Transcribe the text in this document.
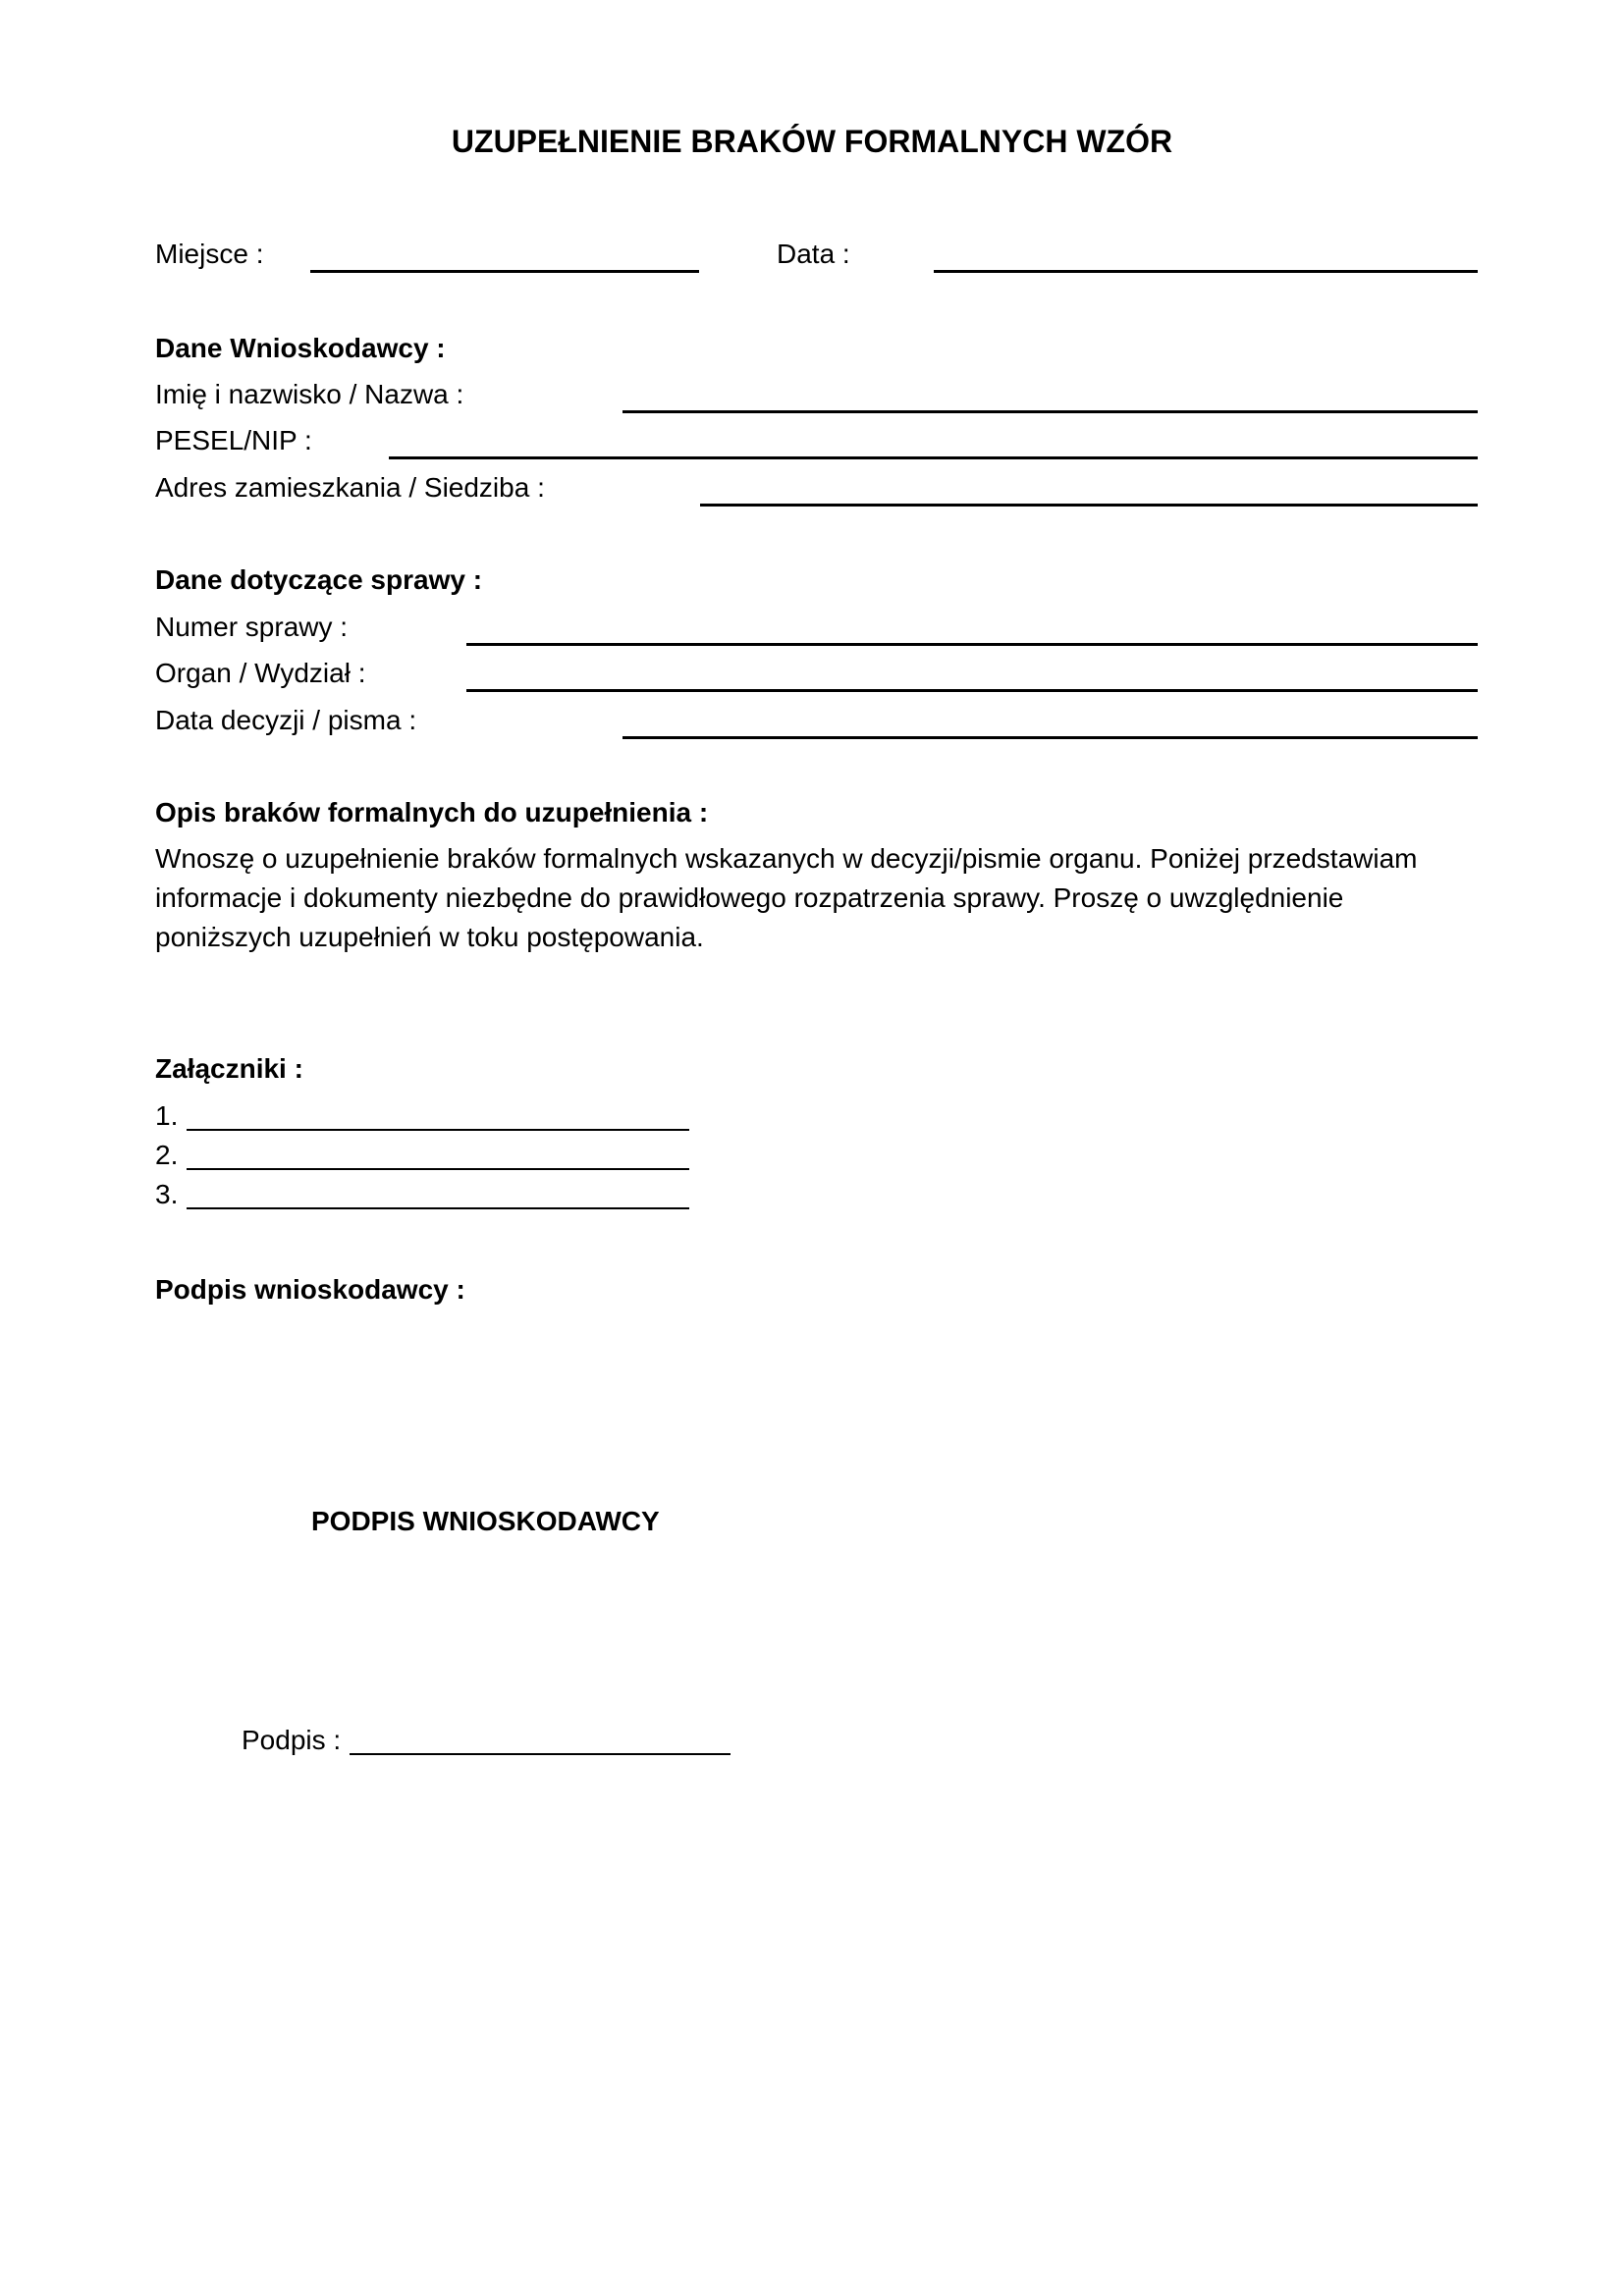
UZUPEŁNIENIE BRAKÓW FORMALNYCH WZÓR
Miejsce :	Data :
Dane Wnioskodawcy :
Imię i nazwisko / Nazwa :
PESEL/NIP :
Adres zamieszkania / Siedziba :
Dane dotyczące sprawy :
Numer sprawy :
Organ / Wydział :
Data decyzji / pisma :
Opis braków formalnych do uzupełnienia :
Wnoszę o uzupełnienie braków formalnych wskazanych w decyzji/pismie organu. Poniżej przedstawiam
informacje i dokumenty niezbędne do prawidłowego rozpatrzenia sprawy. Proszę o uwzględnienie
poniższych uzupełnień w toku postępowania.
Załączniki :
1.
2.
3.
Podpis wnioskodawcy :
PODPIS WNIOSKODAWCY
Podpis :
